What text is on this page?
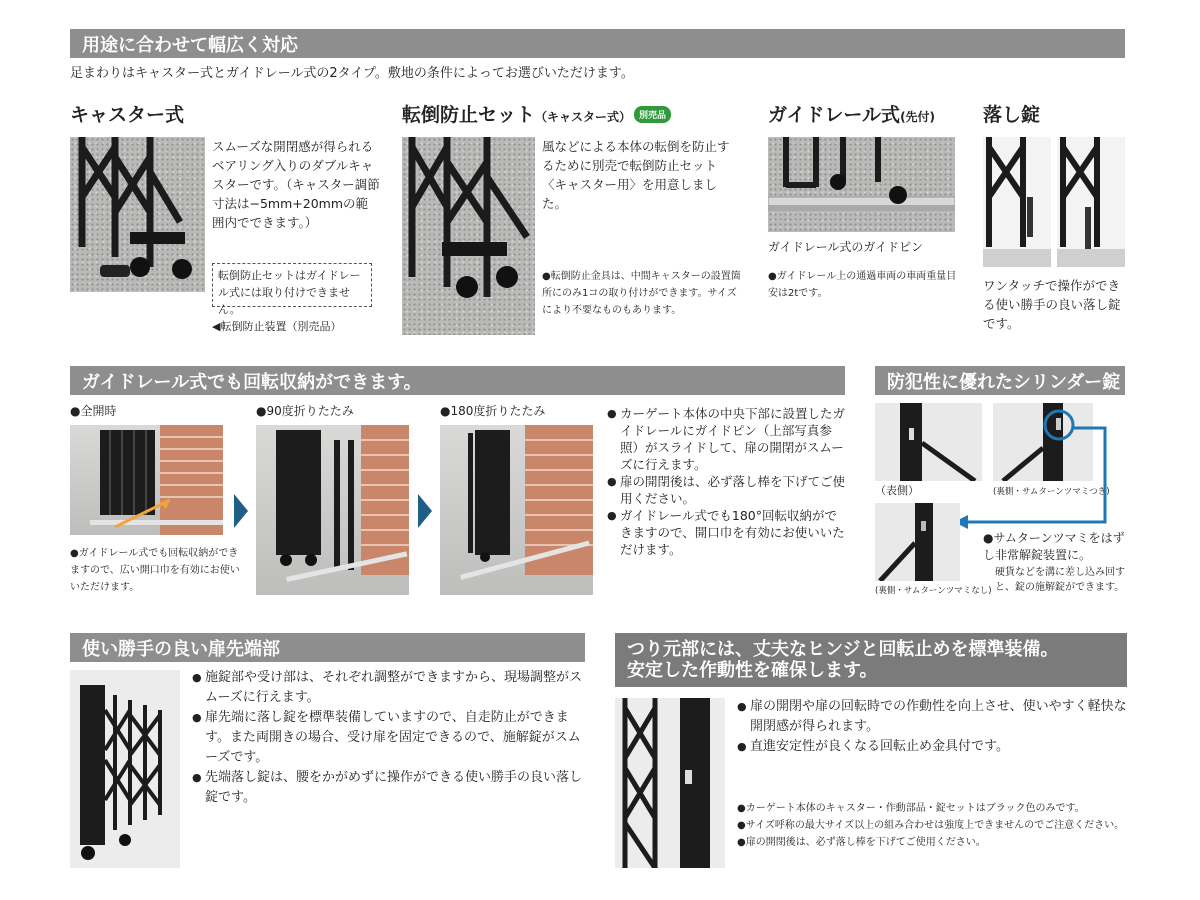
用途に合わせて幅広く対応
足まわりはキャスター式とガイドレール式の2タイプ。敷地の条件によってお選びいただけます。
キャスター式
スムーズな開閉感が得られるベアリング入りのダブルキャスターです。（キャスター調節寸法は−5mm+20mmの範囲内でできます。）
転倒防止セットはガイドレール式には取り付けできません。
◀転倒防止装置（別売品）
転倒防止セット（キャスター式） 別売品
風などによる本体の転倒を防止するために別売で転倒防止セット〈キャスター用〉を用意しました。
●転倒防止金具は、中間キャスターの設置箇所にのみ1コの取り付けができます。サイズにより不要なものもあります。
ガイドレール式(先付)
ガイドレール式のガイドピン
●ガイドレール上の通過車両の車両重量目安は2tです。
落し錠
ワンタッチで操作ができる使い勝手の良い落し錠です。
ガイドレール式でも回転収納ができます。
●全開時	●90度折りたたみ	●180度折りたたみ
●ガイドレール式でも回転収納ができますので、広い開口巾を有効にお使いいただけます。
● カーゲート本体の中央下部に設置したガイドレールにガイドピン（上部写真参照）がスライドして、扉の開閉がスムーズに行えます。
● 扉の開閉後は、必ず落し棒を下げてご使用ください。
● ガイドレール式でも180°回転収納ができますので、開口巾を有効にお使いいただけます。
防犯性に優れたシリンダー錠
（表側）	(裏側・サムターンツマミつき)
(裏側・サムターンツマミなし)
●サムターンツマミをはずし非常解錠装置に。
硬貨などを溝に差し込み回すと、錠の施解錠ができます。
使い勝手の良い扉先端部
● 施錠部や受け部は、それぞれ調整ができますから、現場調整がスムーズに行えます。
● 扉先端に落し錠を標準装備していますので、自走防止ができます。また両開きの場合、受け扉を固定できるので、施解錠がスムーズです。
● 先端落し錠は、腰をかがめずに操作ができる使い勝手の良い落し錠です。
つり元部には、丈夫なヒンジと回転止めを標準装備。
安定した作動性を確保します。
● 扉の開閉や扉の回転時での作動性を向上させ、使いやすく軽快な開閉感が得られます。
● 直進安定性が良くなる回転止め金具付です。
●カーゲート本体のキャスター・作動部品・錠セットはブラック色のみです。
●サイズ呼称の最大サイズ以上の組み合わせは強度上できませんのでご注意ください。
●扉の開閉後は、必ず落し棒を下げてご使用ください。
